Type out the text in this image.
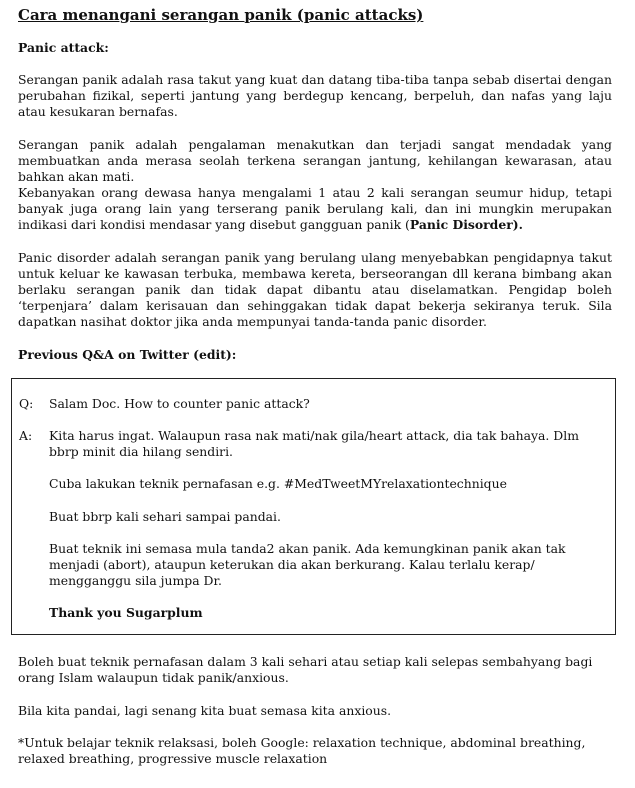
Cara menangani serangan panik (panic attacks)

Panic attack:

Serangan panik adalah rasa takut yang kuat dan datang tiba-tiba tanpa sebab disertai dengan perubahan fizikal, seperti jantung yang berdegup kencang, berpeluh, dan nafas yang laju atau kesukaran bernafas.

Serangan panik adalah pengalaman menakutkan dan terjadi sangat mendadak yang membuatkan anda merasa seolah terkena serangan jantung, kehilangan kewarasan, atau bahkan akan mati.

Kebanyakan orang dewasa hanya mengalami 1 atau 2 kali serangan seumur hidup, tetapi banyak juga orang lain yang terserang panik berulang kali, dan ini mungkin merupakan indikasi dari kondisi mendasar yang disebut gangguan panik (Panic Disorder).

Panic disorder adalah serangan panik yang berulang ulang menyebabkan pengidapnya takut untuk keluar ke kawasan terbuka, membawa kereta, berseorangan dll kerana bimbang akan berlaku serangan panik dan tidak dapat dibantu atau diselamatkan. Pengidap boleh ‘terpenjara’ dalam kerisauan dan sehinggakan tidak dapat bekerja sekiranya teruk. Sila dapatkan nasihat doktor jika anda mempunyai tanda-tanda panic disorder.

Previous Q&A on Twitter (edit):

Q:	Salam Doc. How to counter panic attack?
A:	Kita harus ingat. Walaupun rasa nak mati/nak gila/heart attack, dia tak bahaya. Dlm bbrp minit dia hilang sendiri.

Cuba lakukan teknik pernafasan e.g. #MedTweetMYrelaxationtechnique

Buat bbrp kali sehari sampai pandai.

Buat teknik ini semasa mula tanda2 akan panik. Ada kemungkinan panik akan tak menjadi (abort), ataupun keterukan dia akan berkurang. Kalau terlalu kerap/ mengganggu sila jumpa Dr.

Thank you Sugarplum

Boleh buat teknik pernafasan dalam 3 kali sehari atau setiap kali selepas sembahyang bagi orang Islam walaupun tidak panik/anxious.

Bila kita pandai, lagi senang kita buat semasa kita anxious.

*Untuk belajar teknik relaksasi, boleh Google: relaxation technique, abdominal breathing, relaxed breathing, progressive muscle relaxation
